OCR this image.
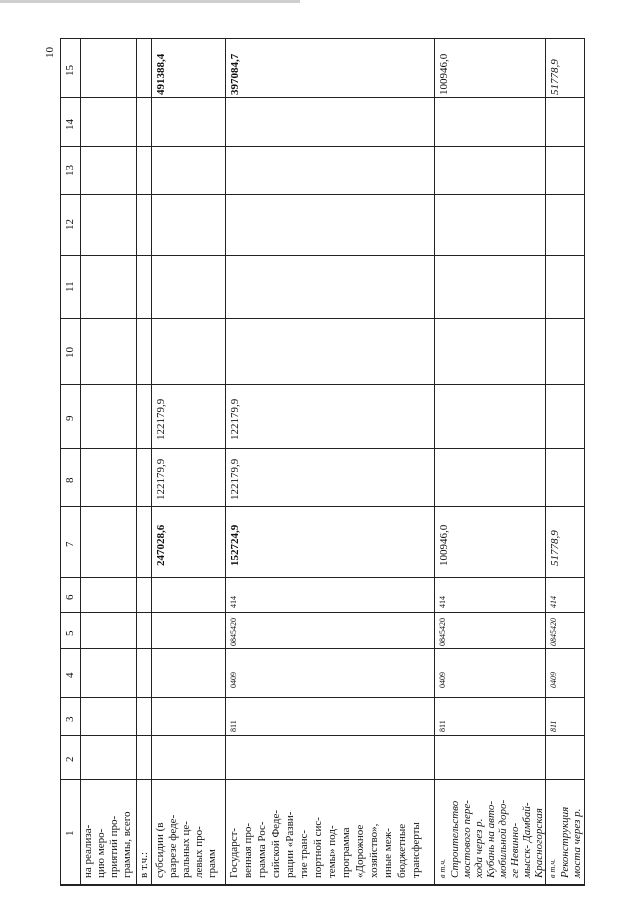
10
1
2
3
4
5
6
7
8
9
10
11
12
13
14
15
на реализа- цию меро- приятий про- граммы, всего в т.ч.: субсидии (в разрезе феде- ральных це- левых про- грамм
247028,6
122179,9
122179,9
491388,4
Государст- венная про- грамма Рос- сийской Феде- рации «Разви- тие транс- портной сис- темы» под- программа «Дорожное хозяйство», иные меж- бюджетные трансферты
811
0409
0845420
414
152724,9
122179,9
122179,9
397084,7
в т.ч. Строительство мостового пере- хода через р. Кубань на авто- мобильной доро- ге Невинно- мысск- Дамбай- Красногорская
811
0409
0845420
414
100946,0
100946,0
в т.ч. Реконструкция моста через р.
811
0409
0845420
414
51778,9
51778,9
